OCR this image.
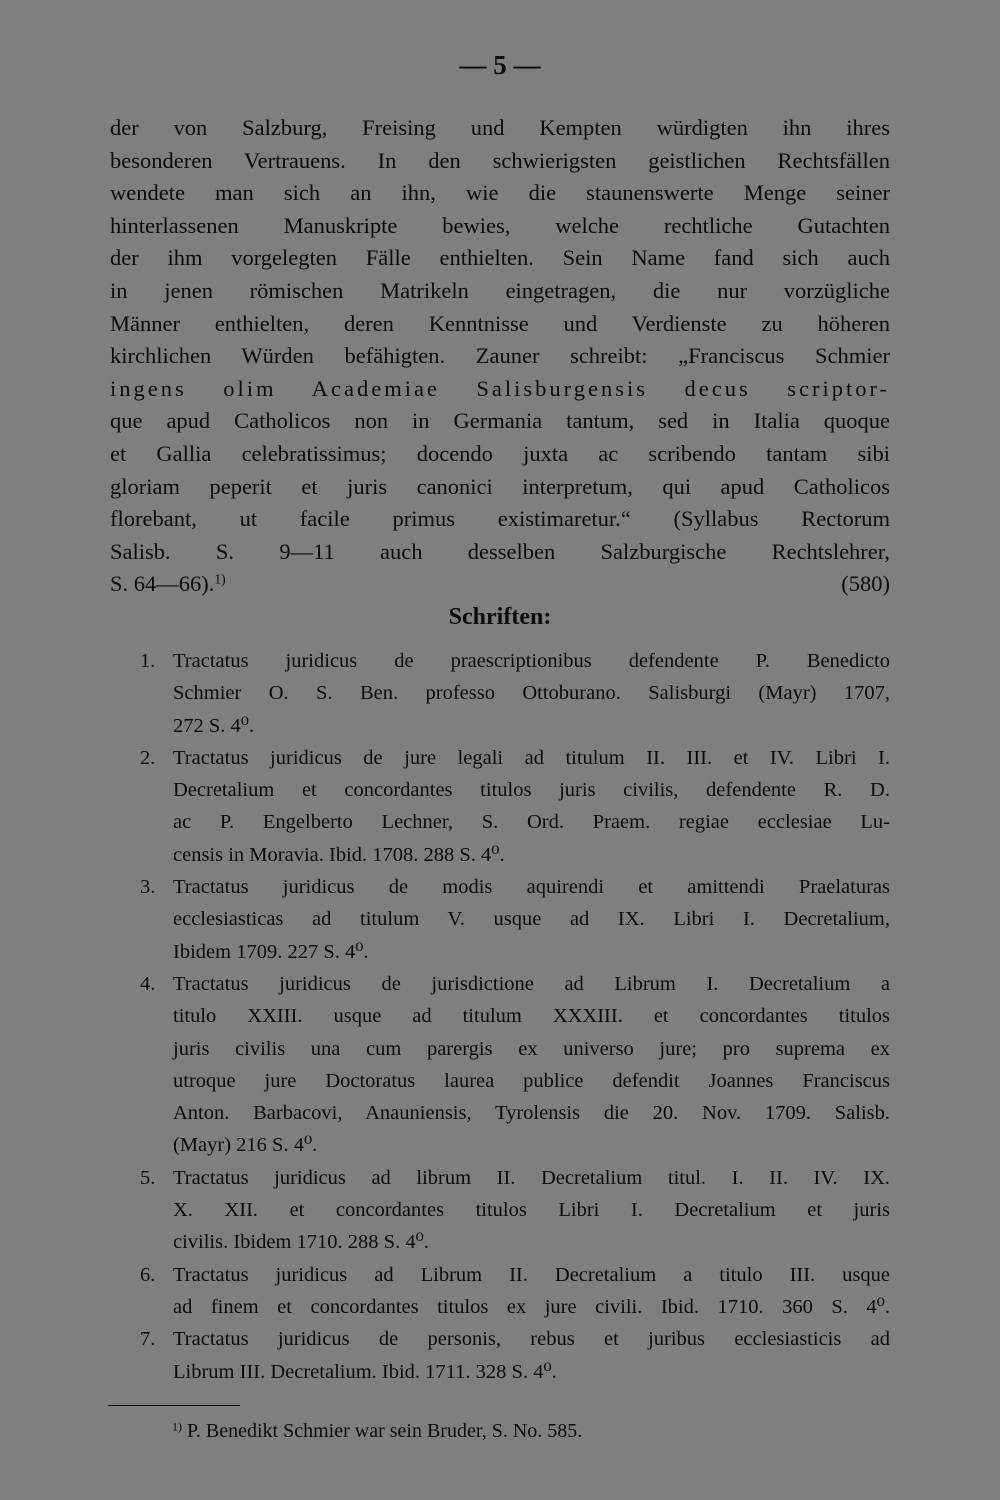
— 5 —
der von Salzburg, Freising und Kempten würdigten ihn ihres
besonderen Vertrauens. In den schwierigsten geistlichen Rechtsfällen
wendete man sich an ihn, wie die staunenswerte Menge seiner
hinterlassenen Manuskripte bewies, welche rechtliche Gutachten
der ihm vorgelegten Fälle enthielten. Sein Name fand sich auch
in jenen römischen Matrikeln eingetragen, die nur vorzügliche
Männer enthielten, deren Kenntnisse und Verdienste zu höheren
kirchlichen Würden befähigten. Zauner schreibt: „Franciscus Schmier
ingens olim Academiae Salisburgensis decus scriptor-
que apud Catholicos non in Germania tantum, sed in Italia quoque
et Gallia celebratissimus; docendo juxta ac scribendo tantam sibi
gloriam peperit et juris canonici interpretum, qui apud Catholicos
florebant, ut facile primus existimaretur.“ (Syllabus Rectorum
Salisb. S. 9—11 auch desselben Salzburgische Rechtslehrer,
S. 64—66).$^{1)}$	(580)
Schriften:
1. Tractatus juridicus de praescriptionibus defendente P. Benedicto
Schmier O. S. Ben. professo Ottoburano. Salisburgi (Mayr) 1707,
272 S. 4⁰.
2. Tractatus juridicus de jure legali ad titulum II. III. et IV. Libri I.
Decretalium et concordantes titulos juris civilis, defendente R. D.
ac P. Engelberto Lechner, S. Ord. Praem. regiae ecclesiae Lu-
censis in Moravia. Ibid. 1708. 288 S. 4⁰.
3. Tractatus juridicus de modis aquirendi et amittendi Praelaturas
ecclesiasticas ad titulum V. usque ad IX. Libri I. Decretalium,
Ibidem 1709. 227 S. 4⁰.
4. Tractatus juridicus de jurisdictione ad Librum I. Decretalium a
titulo XXIII. usque ad titulum XXXIII. et concordantes titulos
juris civilis una cum parergis ex universo jure; pro suprema ex
utroque jure Doctoratus laurea publice defendit Joannes Franciscus
Anton. Barbacovi, Anauniensis, Tyrolensis die 20. Nov. 1709. Salisb.
(Mayr) 216 S. 4⁰.
5. Tractatus juridicus ad librum II. Decretalium titul. I. II. IV. IX.
X. XII. et concordantes titulos Libri I. Decretalium et juris
civilis. Ibidem 1710. 288 S. 4⁰.
6. Tractatus juridicus ad Librum II. Decretalium a titulo III. usque
ad finem et concordantes titulos ex jure civili. Ibid. 1710. 360 S. 4⁰.
7. Tractatus juridicus de personis, rebus et juribus ecclesiasticis ad
Librum III. Decretalium. Ibid. 1711. 328 S. 4⁰.
$^{1)}$ P. Benedikt Schmier war sein Bruder, S. No. 585.
